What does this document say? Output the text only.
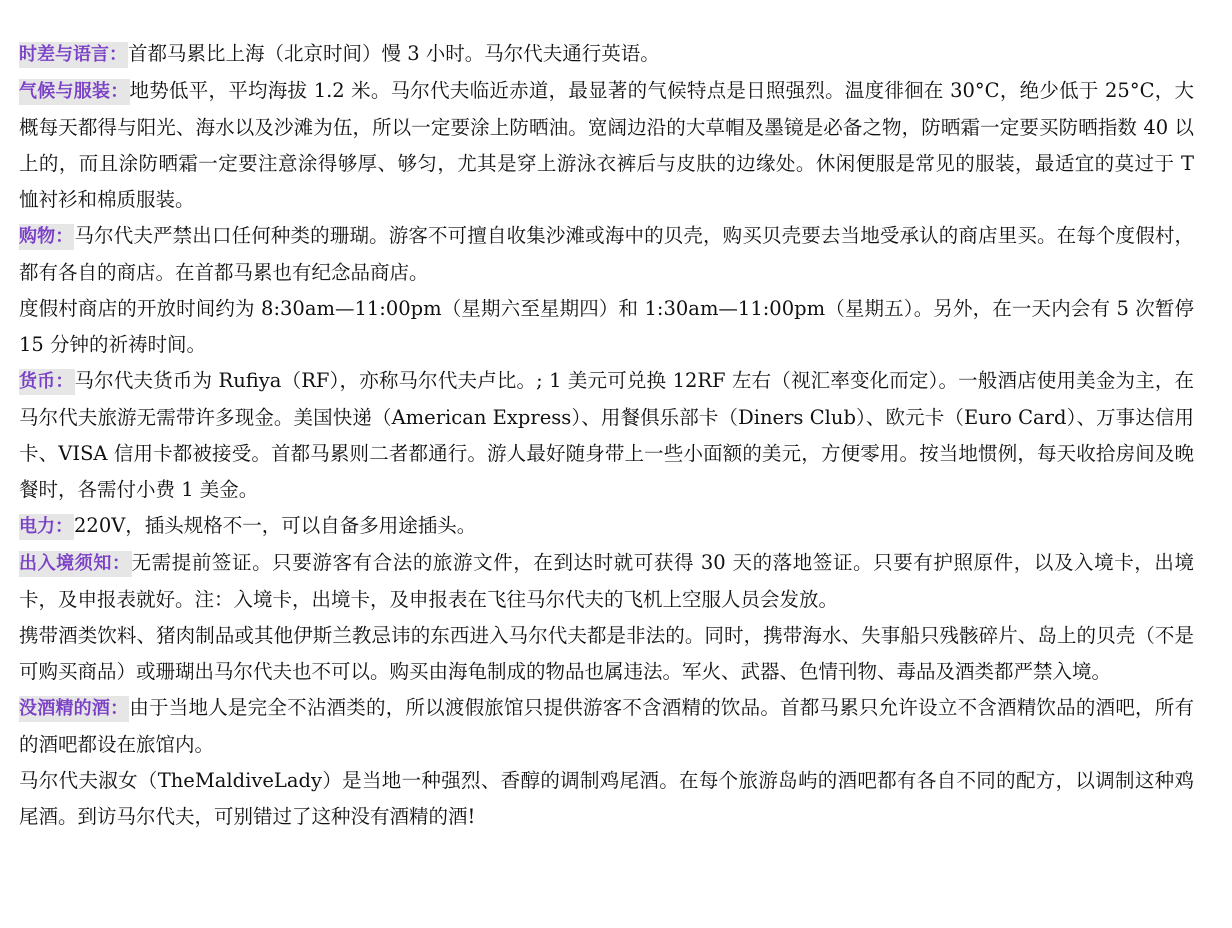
时差与语言：首都马累比上海（北京时间）慢 3 小时。马尔代夫通行英语。

气候与服装：地势低平，平均海拔 1.2 米。马尔代夫临近赤道，最显著的气候特点是日照强烈。温度徘徊在 30°C，绝少低于 25°C，大概每天都得与阳光、海水以及沙滩为伍，所以一定要涂上防晒油。宽阔边沿的大草帽及墨镜是必备之物，防晒霜一定要买防晒指数 40 以上的，而且涂防晒霜一定要注意涂得够厚、够匀，尤其是穿上游泳衣裤后与皮肤的边缘处。休闲便服是常见的服装，最适宜的莫过于 T 恤衬衫和棉质服装。

购物：马尔代夫严禁出口任何种类的珊瑚。游客不可擅自收集沙滩或海中的贝壳，购买贝壳要去当地受承认的商店里买。在每个度假村，都有各自的商店。在首都马累也有纪念品商店。

度假村商店的开放时间约为 8:30am—11:00pm（星期六至星期四）和 1:30am—11:00pm（星期五）。另外，在一天内会有 5 次暂停 15 分钟的祈祷时间。

货币：马尔代夫货币为 Rufiya（RF），亦称马尔代夫卢比。; 1 美元可兑换 12RF 左右（视汇率变化而定）。一般酒店使用美金为主，在马尔代夫旅游无需带许多现金。美国快递（American Express）、用餐俱乐部卡（Diners Club）、欧元卡（Euro Card）、万事达信用卡、VISA 信用卡都被接受。首都马累则二者都通行。游人最好随身带上一些小面额的美元，方便零用。按当地惯例，每天收拾房间及晚餐时，各需付小费 1 美金。

电力：220V，插头规格不一，可以自备多用途插头。

出入境须知：无需提前签证。只要游客有合法的旅游文件，在到达时就可获得 30 天的落地签证。只要有护照原件，以及入境卡，出境卡，及申报表就好。注：入境卡，出境卡，及申报表在飞往马尔代夫的飞机上空服人员会发放。

携带酒类饮料、猪肉制品或其他伊斯兰教忌讳的东西进入马尔代夫都是非法的。同时，携带海水、失事船只残骸碎片、岛上的贝壳（不是可购买商品）或珊瑚出马尔代夫也不可以。购买由海龟制成的物品也属违法。军火、武器、色情刊物、毒品及酒类都严禁入境。

没酒精的酒：由于当地人是完全不沾酒类的，所以渡假旅馆只提供游客不含酒精的饮品。首都马累只允许设立不含酒精饮品的酒吧，所有的酒吧都设在旅馆内。

马尔代夫淑女（TheMaldiveLady）是当地一种强烈、香醇的调制鸡尾酒。在每个旅游岛屿的酒吧都有各自不同的配方，以调制这种鸡尾酒。到访马尔代夫，可别错过了这种没有酒精的酒!
